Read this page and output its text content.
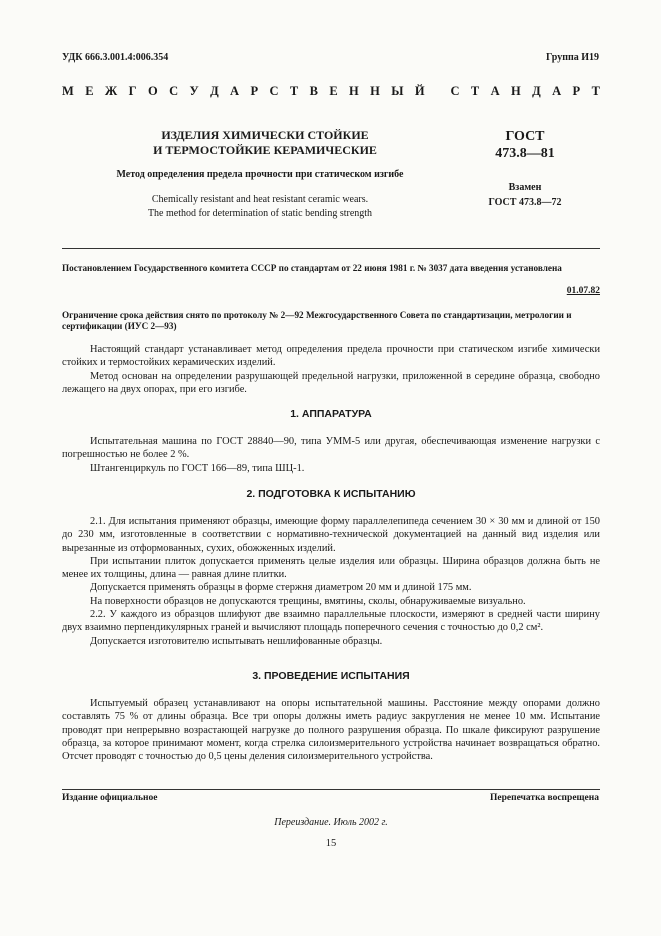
УДК 666.3.001.4:006.354	Группа И19
М Е Ж Г О С У Д А Р С Т В Е Н Н Ы Й
С Т А Н Д А Р Т
ИЗДЕЛИЯ ХИМИЧЕСКИ СТОЙКИЕ
И ТЕРМОСТОЙКИЕ КЕРАМИЧЕСКИЕ
Метод определения предела прочности при статическом изгибе
Chemically resistant and heat resistant ceramic wears.
The method for determination of static bending strength
ГОСТ
473.8—81
Взамен
ГОСТ 473.8—72
Постановлением Государственного комитета СССР по стандартам от 22 июня 1981 г. № 3037 дата введения установлена
01.07.82
Ограничение срока действия снято по протоколу № 2—92 Межгосударственного Совета по стандартизации, метрологии и сертификации (ИУС 2—93)

Настоящий стандарт устанавливает метод определения предела прочности при статическом изгибе химически стойких и термостойких керамических изделий.

Метод основан на определении разрушающей предельной нагрузки, приложенной в середине образца, свободно лежащего на двух опорах, при его изгибе.

1. АППАРАТУРА

Испытательная машина по ГОСТ 28840—90, типа УММ-5 или другая, обеспечивающая изменение нагрузки с погрешностью не более 2 %.

Штангенциркуль по ГОСТ 166—89, типа ШЦ-1.

2. ПОДГОТОВКА К ИСПЫТАНИЮ

2.1. Для испытания применяют образцы, имеющие форму параллелепипеда сечением 30 × 30 мм и длиной от 150 до 230 мм, изготовленные в соответствии с нормативно-технической документацией на данный вид изделия или вырезанные из отформованных, сухих, обожженных изделий.

При испытании плиток допускается применять целые изделия или образцы. Ширина образцов должна быть не менее их толщины, длина — равная длине плитки.

Допускается применять образцы в форме стержня диаметром 20 мм и длиной 175 мм.

На поверхности образцов не допускаются трещины, вмятины, сколы, обнаруживаемые визуально.

2.2. У каждого из образцов шлифуют две взаимно параллельные плоскости, измеряют в средней части ширину двух взаимно перпендикулярных граней и вычисляют площадь поперечного сечения с точностью до 0,2 см².

Допускается изготовителю испытывать нешлифованные образцы.

3. ПРОВЕДЕНИЕ ИСПЫТАНИЯ

Испытуемый образец устанавливают на опоры испытательной машины. Расстояние между опорами должно составлять 75 % от длины образца. Все три опоры должны иметь радиус закругления не менее 10 мм. Испытание проводят при непрерывно возрастающей нагрузке до полного разрушения образца. По шкале фиксируют разрушение образца, за которое принимают момент, когда стрелка силоизмерительного устройства начинает возвращаться обратно. Отсчет проводят с точностью до 0,5 цены деления силоизмерительного устройства.

Издание официальное	Перепечатка воспрещена
Переиздание. Июль 2002 г.
15
